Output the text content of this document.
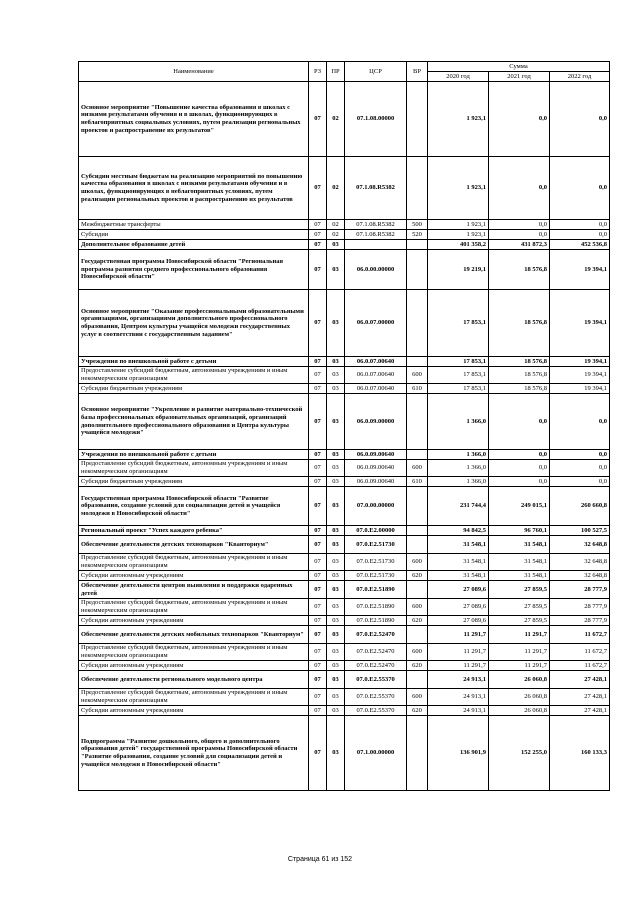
Наименование	РЗ	ПР	ЦСР	ВР	Сумма		
					2020 год	2021 год	2022 год
Основное мероприятие "Повышение качества образования в школах с низкими результатами обучения и в школах, функционирующих в неблагоприятных социальных условиях, путем реализации региональных проектов и распространение их результатов"	07	02	07.1.08.00000		1 923,1	0,0	0,0
Субсидии местным бюджетам на реализацию мероприятий по повышению качества образования в школах с низкими результатами обучения и в школах, функционирующих в неблагоприятных условиях, путем реализации региональных проектов и распространению их результатов	07	02	07.1.08.R5382		1 923,1	0,0	0,0
Межбюджетные трансферты	07	02	07.1.08.R5382	500	1 923,1	0,0	0,0
Субсидии	07	02	07.1.08.R5382	520	1 923,1	0,0	0,0
Дополнительное образование детей	07	03			401 358,2	431 872,3	452 536,8
Государственная программа Новосибирской области "Региональная программа развития среднего профессионального образования Новосибирской области"	07	03	06.0.00.00000		19 219,1	18 576,8	19 394,1
Основное мероприятие "Оказание профессиональными образовательными организациями, организациями дополнительного профессионального образования, Центром культуры учащейся молодежи государственных услуг в соответствии с государственным заданием"	07	03	06.0.07.00000		17 853,1	18 576,8	19 394,1
Учреждения по внешкольной работе с детьми	07	03	06.0.07.00640		17 853,1	18 576,8	19 394,1
Предоставление субсидий бюджетным, автономным учреждениям и иным некоммерческим организациям	07	03	06.0.07.00640	600	17 853,1	18 576,8	19 394,1
Субсидии бюджетным учреждениям	07	03	06.0.07.00640	610	17 853,1	18 576,8	19 394,1
Основное мероприятие "Укрепление и развитие материально-технической базы профессиональных образовательных организаций, организаций дополнительного профессионального образования и Центра культуры учащейся молодежи"	07	03	06.0.09.00000		1 366,0	0,0	0,0
Учреждения по внешкольной работе с детьми	07	03	06.0.09.00640		1 366,0	0,0	0,0
Предоставление субсидий бюджетным, автономным учреждениям и иным некоммерческим организациям	07	03	06.0.09.00640	600	1 366,0	0,0	0,0
Субсидии бюджетным учреждениям	07	03	06.0.09.00640	610	1 366,0	0,0	0,0
Государственная программа Новосибирской области "Развитие образования, создание условий для социализации детей и учащейся молодежи в Новосибирской области"	07	03	07.0.00.00000		231 744,4	249 015,1	260 660,8
Региональный проект "Успех каждого ребенка"	07	03	07.0.E2.00000		94 842,5	96 760,1	100 527,5
Обеспечение деятельности детских технопарков "Кванториум"	07	03	07.0.E2.51730		31 548,1	31 548,1	32 648,8
Предоставление субсидий бюджетным, автономным учреждениям и иным некоммерческим организациям	07	03	07.0.E2.51730	600	31 548,1	31 548,1	32 648,8
Субсидии автономным учреждениям	07	03	07.0.E2.51730	620	31 548,1	31 548,1	32 648,8
Обеспечение деятельности центров выявления и поддержки одаренных детей	07	03	07.0.E2.51890		27 089,6	27 859,5	28 777,9
Предоставление субсидий бюджетным, автономным учреждениям и иным некоммерческим организациям	07	03	07.0.E2.51890	600	27 089,6	27 859,5	28 777,9
Субсидии автономным учреждениям	07	03	07.0.E2.51890	620	27 089,6	27 859,5	28 777,9
Обеспечение деятельности детских мобильных технопарков "Кванториум"	07	03	07.0.E2.52470		11 291,7	11 291,7	11 672,7
Предоставление субсидий бюджетным, автономным учреждениям и иным некоммерческим организациям	07	03	07.0.E2.52470	600	11 291,7	11 291,7	11 672,7
Субсидии автономным учреждениям	07	03	07.0.E2.52470	620	11 291,7	11 291,7	11 672,7
Обеспечение деятельности регионального модельного центра	07	03	07.0.E2.55370		24 913,1	26 060,8	27 428,1
Предоставление субсидий бюджетным, автономным учреждениям и иным некоммерческим организациям	07	03	07.0.E2.55370	600	24 913,1	26 060,8	27 428,1
Субсидии автономным учреждениям	07	03	07.0.E2.55370	620	24 913,1	26 060,8	27 428,1
Подпрограмма "Развитие дошкольного, общего и дополнительного образования детей" государственной программы Новосибирской области "Развитие образования, создание условий для социализации детей и учащейся молодежи в Новосибирской области"	07	03	07.1.00.00000		136 901,9	152 255,0	160 133,3
Страница 61 из 152
